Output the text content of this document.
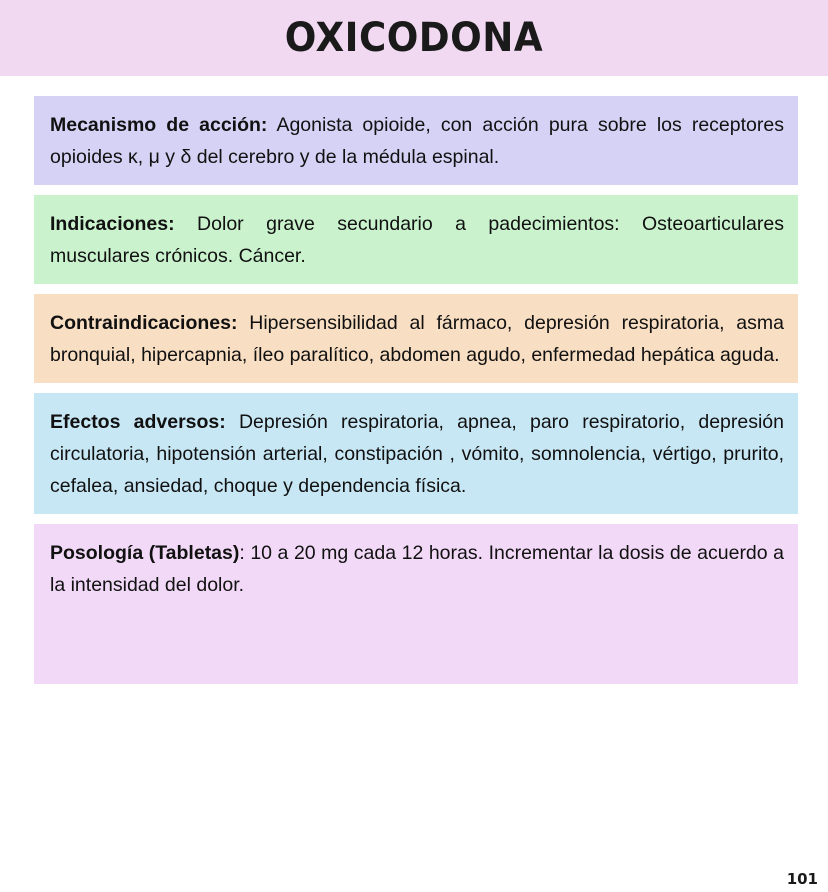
OXICODONA
Mecanismo de acción: Agonista opioide, con acción pura sobre los receptores opioides κ, μ y δ del cerebro y de la médula espinal.
Indicaciones: Dolor grave secundario a padecimientos: Osteoarticulares musculares crónicos. Cáncer.
Contraindicaciones: Hipersensibilidad al fármaco, depresión respiratoria, asma bronquial, hipercapnia, íleo paralítico, abdomen agudo, enfermedad hepática aguda.
Efectos adversos: Depresión respiratoria, apnea, paro respiratorio, depresión circulatoria, hipotensión arterial, constipación , vómito, somnolencia, vértigo, prurito, cefalea, ansiedad, choque y dependencia física.
Posología (Tabletas): 10 a 20 mg cada 12 horas. Incrementar la dosis de acuerdo a la intensidad del dolor.
101
